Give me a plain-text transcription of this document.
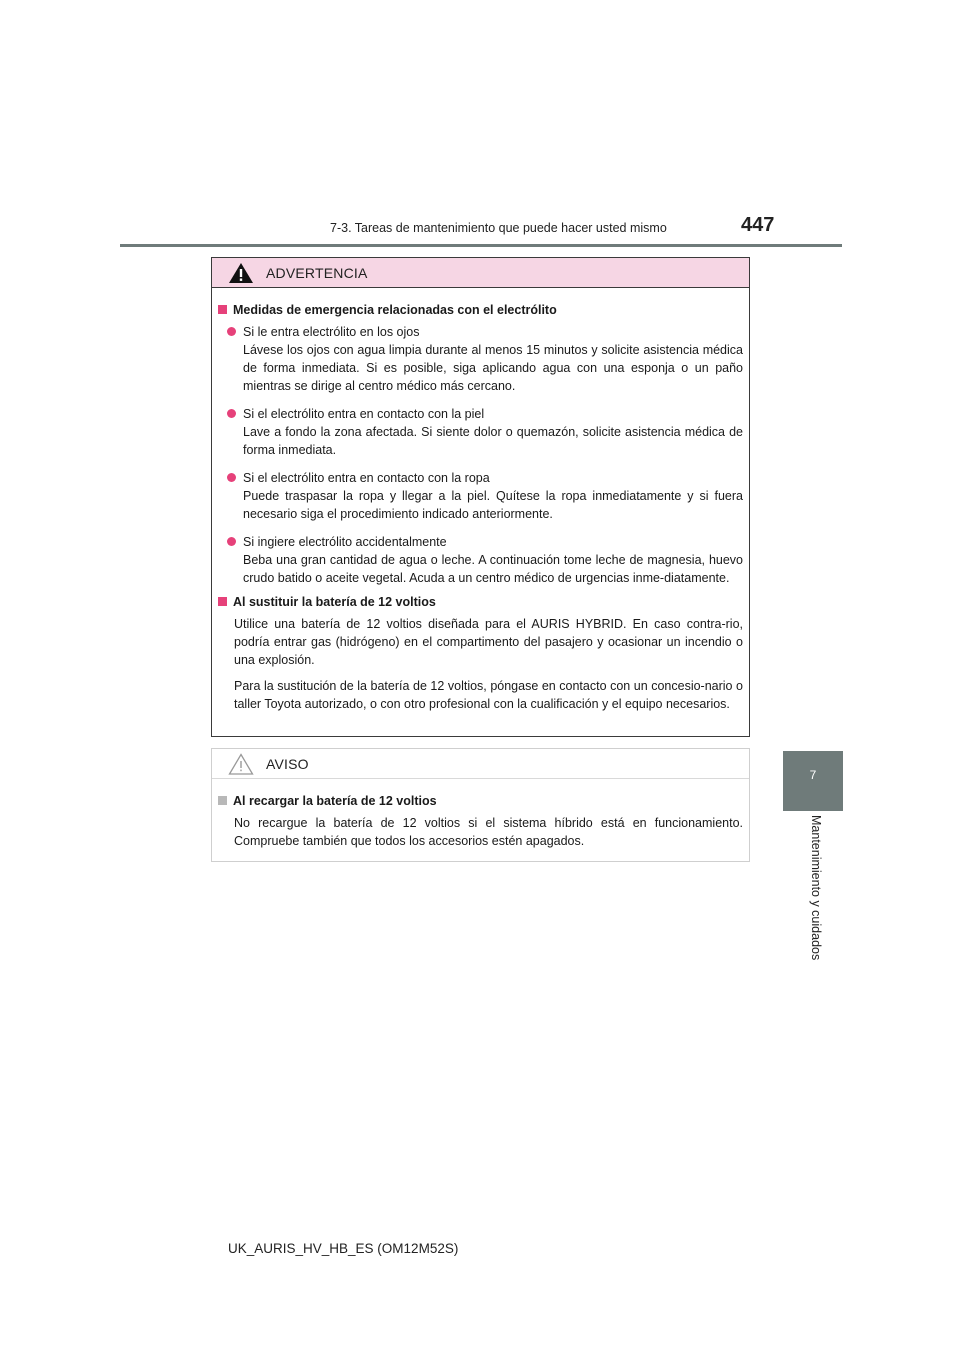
7-3. Tareas de mantenimiento que puede hacer usted mismo	447
7
Mantenimiento y cuidados
ADVERTENCIA
Medidas de emergencia relacionadas con el electrólito

Si le entra electrólito en los ojos

Lávese los ojos con agua limpia durante al menos 15 minutos y solicite asistencia médica de forma inmediata. Si es posible, siga aplicando agua con una esponja o un paño mientras se dirige al centro médico más cercano.

Si el electrólito entra en contacto con la piel

Lave a fondo la zona afectada. Si siente dolor o quemazón, solicite asistencia médica de forma inmediata.

Si el electrólito entra en contacto con la ropa

Puede traspasar la ropa y llegar a la piel. Quítese la ropa inmediatamente y si fuera necesario siga el procedimiento indicado anteriormente.

Si ingiere electrólito accidentalmente

Beba una gran cantidad de agua o leche. A continuación tome leche de magnesia, huevo crudo batido o aceite vegetal. Acuda a un centro médico de urgencias inme-diatamente.

Al sustituir la batería de 12 voltios

Utilice una batería de 12 voltios diseñada para el AURIS HYBRID. En caso contra-rio, podría entrar gas (hidrógeno) en el compartimento del pasajero y ocasionar un incendio o una explosión.

Para la sustitución de la batería de 12 voltios, póngase en contacto con un concesio-nario o taller Toyota autorizado, o con otro profesional con la cualificación y el equipo necesarios.

AVISO
Al recargar la batería de 12 voltios

No recargue la batería de 12 voltios si el sistema híbrido está en funcionamiento. Compruebe también que todos los accesorios estén apagados.

UK_AURIS_HV_HB_ES (OM12M52S)
